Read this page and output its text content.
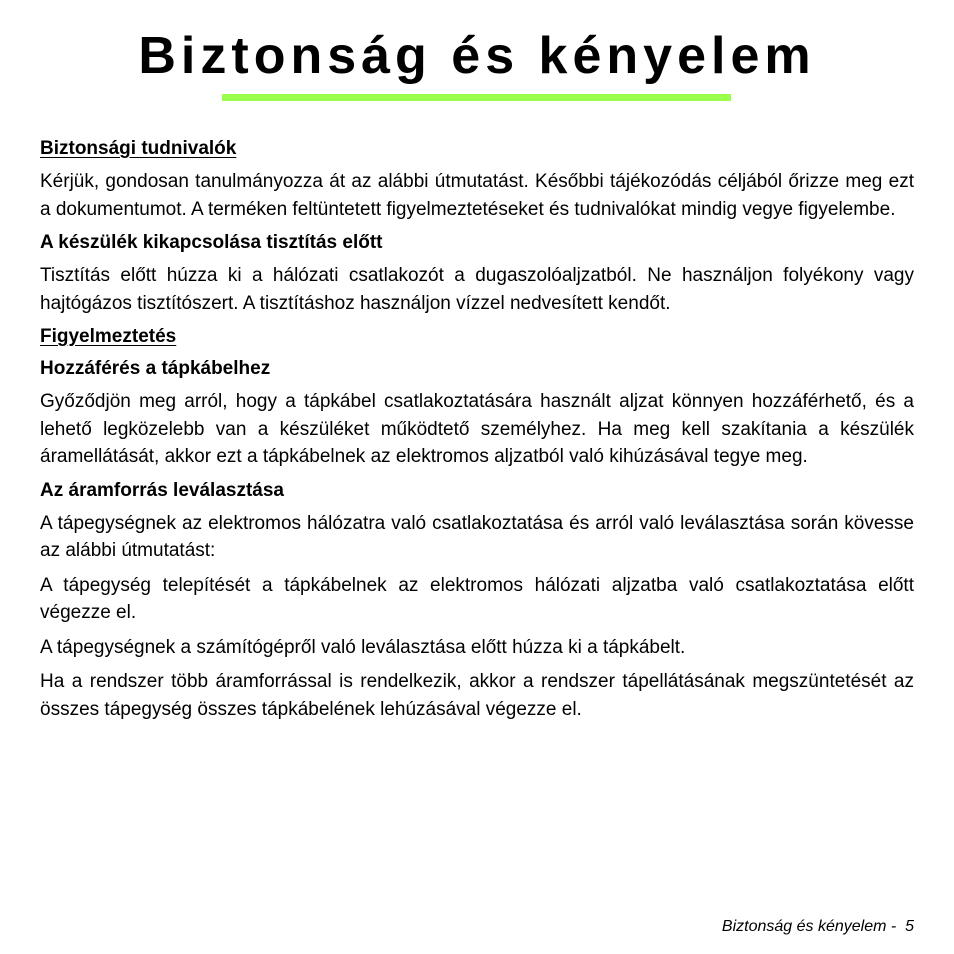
Biztonság és kényelem
Biztonsági tudnivalók

Kérjük, gondosan tanulmányozza át az alábbi útmutatást. Későbbi tájékozódás céljából őrizze meg ezt a dokumentumot. A terméken feltüntetett figyelmeztetéseket és tudnivalókat mindig vegye figyelembe.

A készülék kikapcsolása tisztítás előtt

Tisztítás előtt húzza ki a hálózati csatlakozót a dugaszolóaljzatból. Ne használjon folyékony vagy hajtógázos tisztítószert. A tisztításhoz használjon vízzel nedvesített kendőt.

Figyelmeztetés
Hozzáférés a tápkábelhez

Győződjön meg arról, hogy a tápkábel csatlakoztatására használt aljzat könnyen hozzáférhető, és a lehető legközelebb van a készüléket működtető személyhez. Ha meg kell szakítania a készülék áramellátását, akkor ezt a tápkábelnek az elektromos aljzatból való kihúzásával tegye meg.

Az áramforrás leválasztása

A tápegységnek az elektromos hálózatra való csatlakoztatása és arról való leválasztása során kövesse az alábbi útmutatást:

A tápegység telepítését a tápkábelnek az elektromos hálózati aljzatba való csatlakoztatása előtt végezze el.

A tápegységnek a számítógépről való leválasztása előtt húzza ki a tápkábelt.

Ha a rendszer több áramforrással is rendelkezik, akkor a rendszer tápellátásának megszüntetését az összes tápegység összes tápkábelének lehúzásával végezze el.

Biztonság és kényelem -  5
